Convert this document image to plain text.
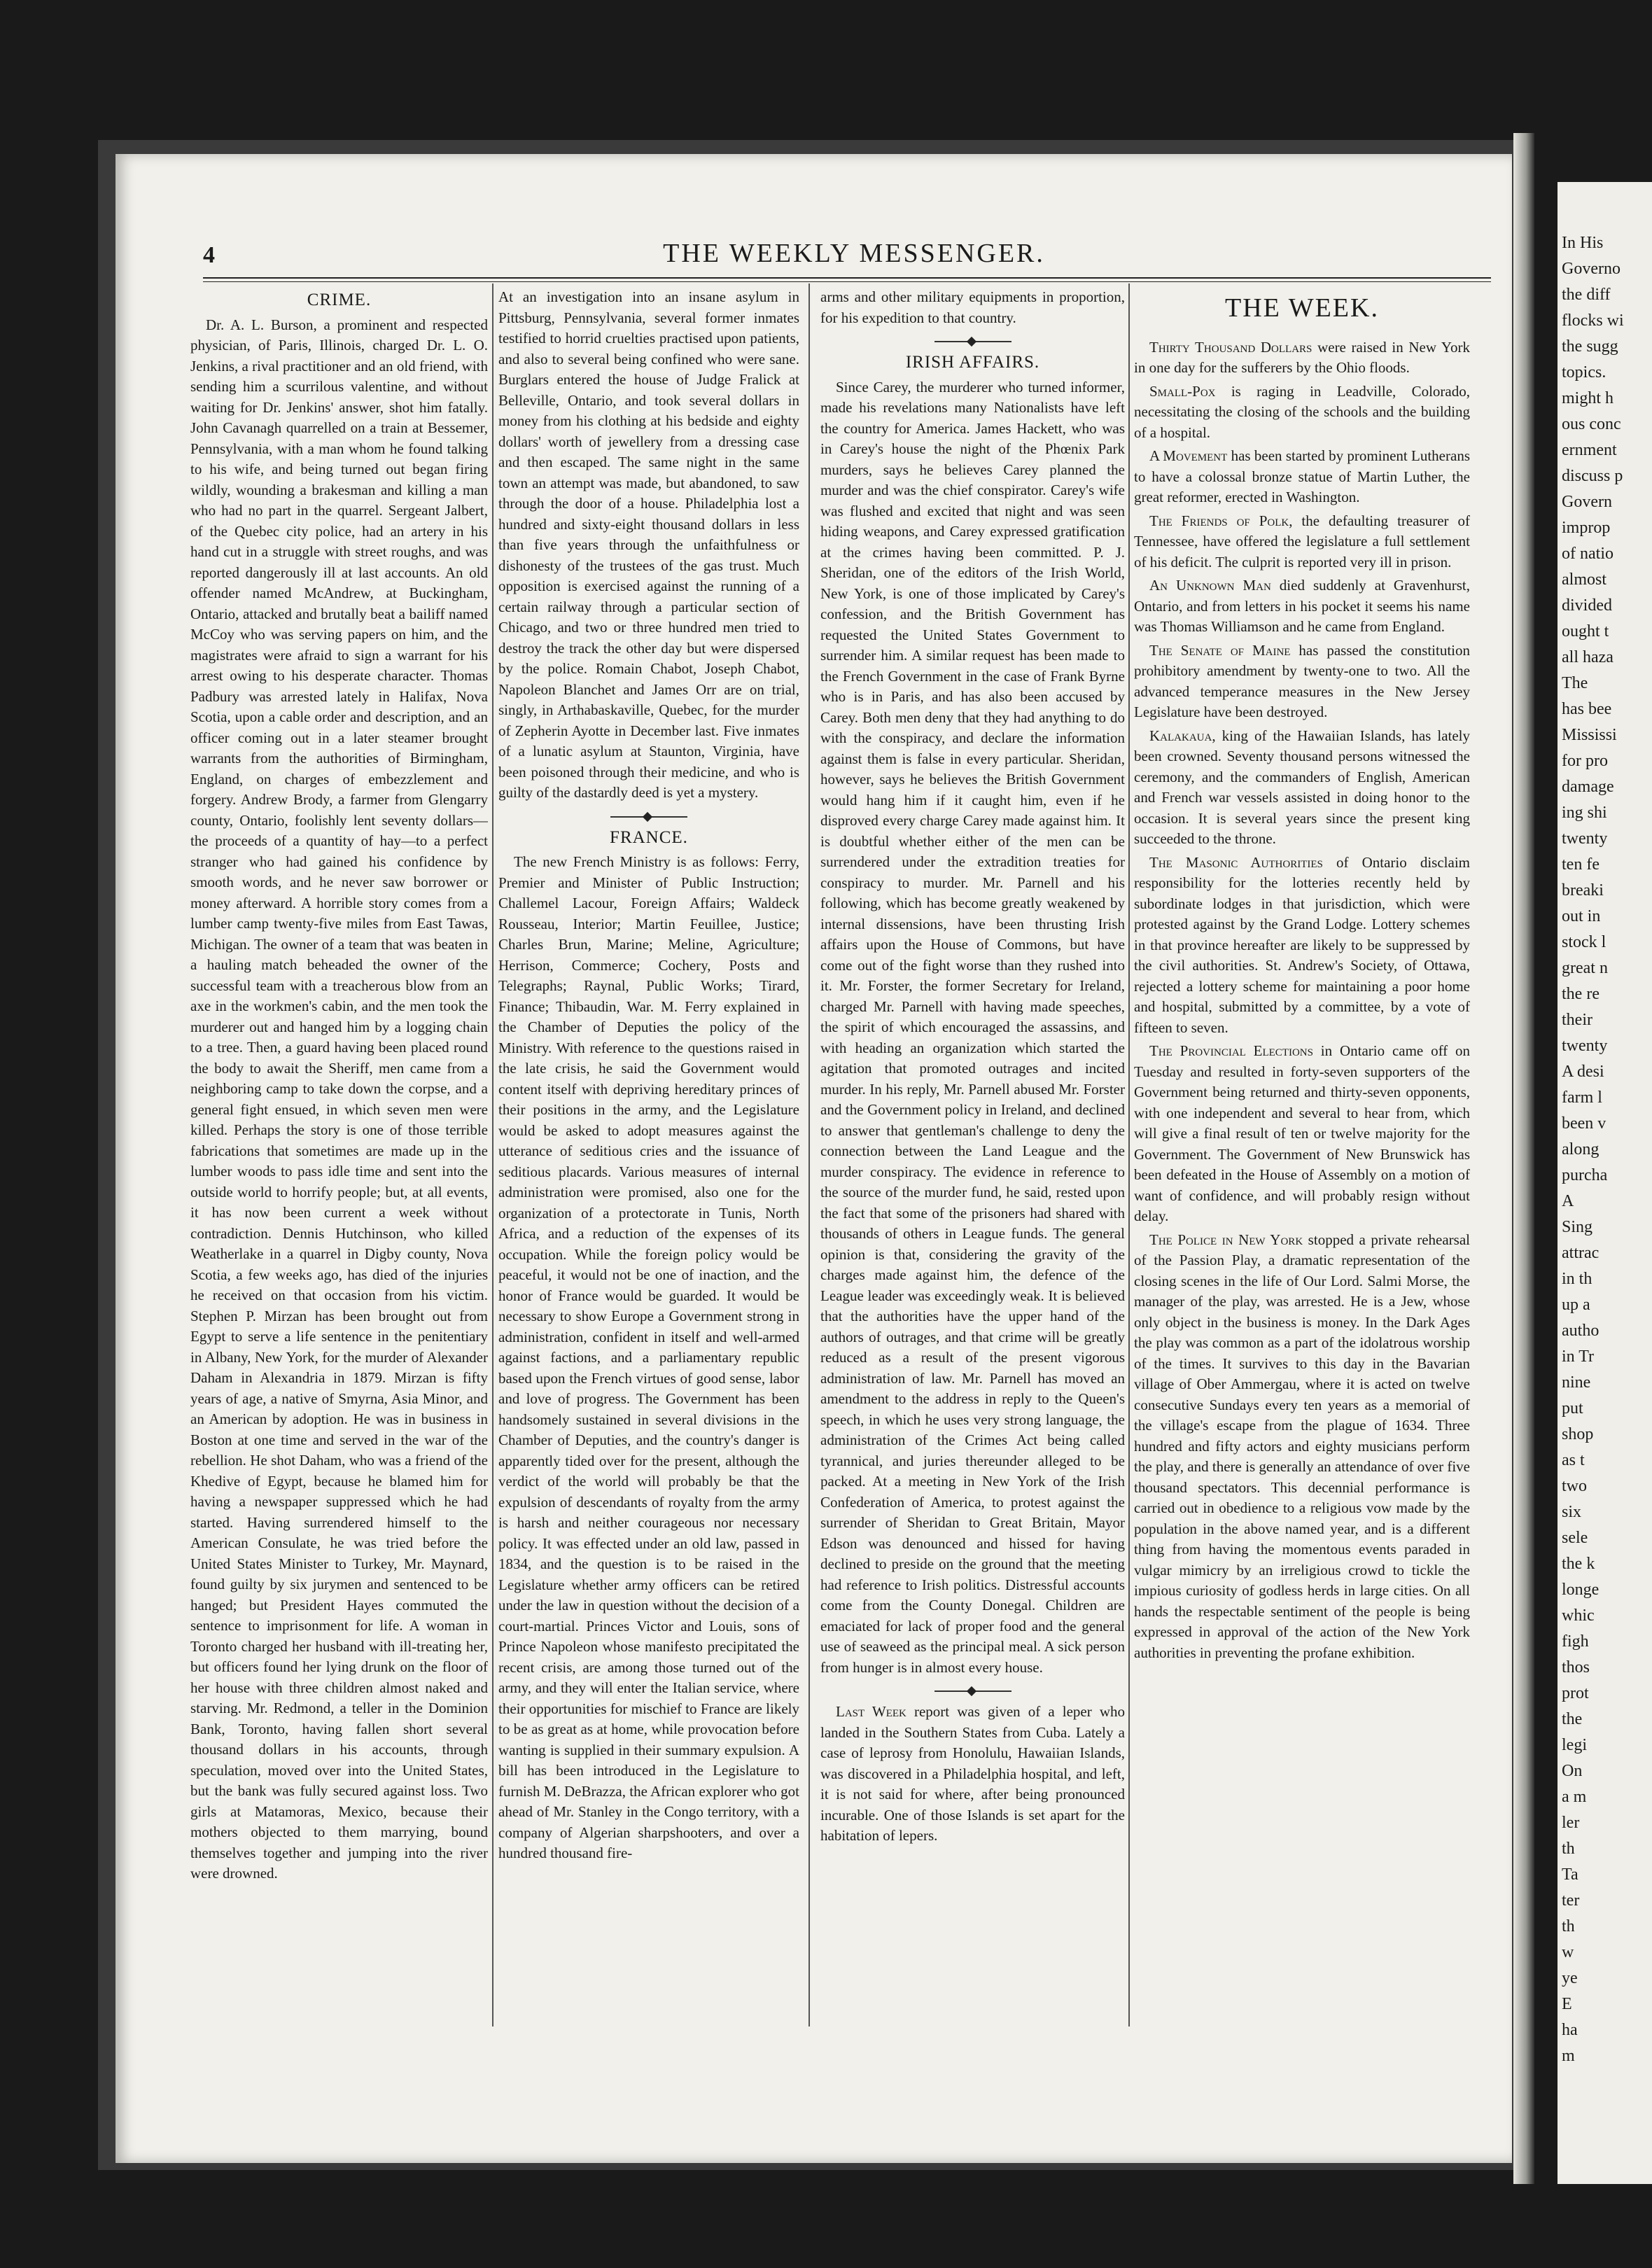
In His
Governo
the diff
flocks wi
the sugg
topics.
might h
ous conc
ernment
discuss p
Govern
improp
of natio
almost
divided
ought t
all haza
The
has bee
Mississi
for pro
damage
ing shi
twenty
ten fe
breaki
out in
stock l
great n
the re
their
twenty
A desi
farm l
been v
along
purcha
A
Sing
attrac
in th
up a
autho
in Tr
nine
put
shop
as t
two
six
sele
the k
longe
whic
figh
thos
prot
the
legi
On
a m
ler
th
Ta
ter
th
w
ye
E
ha
m
4	THE WEEKLY MESSENGER.
CRIME.

Dr. A. L. Burson, a prominent and respected physician, of Paris, Illinois, charged Dr. L. O. Jenkins, a rival practitioner and an old friend, with sending him a scurrilous valentine, and without waiting for Dr. Jenkins' answer, shot him fatally. John Cavanagh quarrelled on a train at Bessemer, Pennsylvania, with a man whom he found talking to his wife, and being turned out began firing wildly, wounding a brakesman and killing a man who had no part in the quarrel. Sergeant Jalbert, of the Quebec city police, had an artery in his hand cut in a struggle with street roughs, and was reported dangerously ill at last accounts. An old offender named McAndrew, at Buckingham, Ontario, attacked and brutally beat a bailiff named McCoy who was serving papers on him, and the magistrates were afraid to sign a warrant for his arrest owing to his desperate character. Thomas Padbury was arrested lately in Halifax, Nova Scotia, upon a cable order and description, and an officer coming out in a later steamer brought warrants from the authorities of Birmingham, England, on charges of embezzlement and forgery. Andrew Brody, a farmer from Glengarry county, Ontario, foolishly lent seventy dollars—the proceeds of a quantity of hay—to a perfect stranger who had gained his confidence by smooth words, and he never saw borrower or money afterward. A horrible story comes from a lumber camp twenty-five miles from East Tawas, Michigan. The owner of a team that was beaten in a hauling match beheaded the owner of the successful team with a treacherous blow from an axe in the workmen's cabin, and the men took the murderer out and hanged him by a logging chain to a tree. Then, a guard having been placed round the body to await the Sheriff, men came from a neighboring camp to take down the corpse, and a general fight ensued, in which seven men were killed. Perhaps the story is one of those terrible fabrications that sometimes are made up in the lumber woods to pass idle time and sent into the outside world to horrify people; but, at all events, it has now been current a week without contradiction. Dennis Hutchinson, who killed Weatherlake in a quarrel in Digby county, Nova Scotia, a few weeks ago, has died of the injuries he received on that occasion from his victim. Stephen P. Mirzan has been brought out from Egypt to serve a life sentence in the penitentiary in Albany, New York, for the murder of Alexander Daham in Alexandria in 1879. Mirzan is fifty years of age, a native of Smyrna, Asia Minor, and an American by adoption. He was in business in Boston at one time and served in the war of the rebellion. He shot Daham, who was a friend of the Khedive of Egypt, because he blamed him for having a newspaper suppressed which he had started. Having surrendered himself to the American Consulate, he was tried before the United States Minister to Turkey, Mr. Maynard, found guilty by six jurymen and sentenced to be hanged; but President Hayes commuted the sentence to imprisonment for life. A woman in Toronto charged her husband with ill-treating her, but officers found her lying drunk on the floor of her house with three children almost naked and starving. Mr. Redmond, a teller in the Dominion Bank, Toronto, having fallen short several thousand dollars in his accounts, through speculation, moved over into the United States, but the bank was fully secured against loss. Two girls at Matamoras, Mexico, because their mothers objected to them marrying, bound themselves together and jumping into the river were drowned.

At an investigation into an insane asylum in Pittsburg, Pennsylvania, several former inmates testified to horrid cruelties practised upon patients, and also to several being confined who were sane. Burglars entered the house of Judge Fralick at Belleville, Ontario, and took several dollars in money from his clothing at his bedside and eighty dollars' worth of jewellery from a dressing case and then escaped. The same night in the same town an attempt was made, but abandoned, to saw through the door of a house. Philadelphia lost a hundred and sixty-eight thousand dollars in less than five years through the unfaithfulness or dishonesty of the trustees of the gas trust. Much opposition is exercised against the running of a certain railway through a particular section of Chicago, and two or three hundred men tried to destroy the track the other day but were dispersed by the police. Romain Chabot, Joseph Chabot, Napoleon Blanchet and James Orr are on trial, singly, in Arthabaskaville, Quebec, for the murder of Zepherin Ayotte in December last. Five inmates of a lunatic asylum at Staunton, Virginia, have been poisoned through their medicine, and who is guilty of the dastardly deed is yet a mystery.

FRANCE.

The new French Ministry is as follows: Ferry, Premier and Minister of Public Instruction; Challemel Lacour, Foreign Affairs; Waldeck Rousseau, Interior; Martin Feuillee, Justice; Charles Brun, Marine; Meline, Agriculture; Herrison, Commerce; Cochery, Posts and Telegraphs; Raynal, Public Works; Tirard, Finance; Thibaudin, War. M. Ferry explained in the Chamber of Deputies the policy of the Ministry. With reference to the questions raised in the late crisis, he said the Government would content itself with depriving hereditary princes of their positions in the army, and the Legislature would be asked to adopt measures against the utterance of seditious cries and the issuance of seditious placards. Various measures of internal administration were promised, also one for the organization of a protectorate in Tunis, North Africa, and a reduction of the expenses of its occupation. While the foreign policy would be peaceful, it would not be one of inaction, and the honor of France would be guarded. It would be necessary to show Europe a Government strong in administration, confident in itself and well-armed against factions, and a parliamentary republic based upon the French virtues of good sense, labor and love of progress. The Government has been handsomely sustained in several divisions in the Chamber of Deputies, and the country's danger is apparently tided over for the present, although the verdict of the world will probably be that the expulsion of descendants of royalty from the army is harsh and neither courageous nor necessary policy. It was effected under an old law, passed in 1834, and the question is to be raised in the Legislature whether army officers can be retired under the law in question without the decision of a court-martial. Princes Victor and Louis, sons of Prince Napoleon whose manifesto precipitated the recent crisis, are among those turned out of the army, and they will enter the Italian service, where their opportunities for mischief to France are likely to be as great as at home, while provocation before wanting is supplied in their summary expulsion. A bill has been introduced in the Legislature to furnish M. DeBrazza, the African explorer who got ahead of Mr. Stanley in the Congo territory, with a company of Algerian sharpshooters, and over a hundred thousand fire-

arms and other military equipments in proportion, for his expedition to that country.

IRISH AFFAIRS.

Since Carey, the murderer who turned informer, made his revelations many Nationalists have left the country for America. James Hackett, who was in Carey's house the night of the Phœnix Park murders, says he believes Carey planned the murder and was the chief conspirator. Carey's wife was flushed and excited that night and was seen hiding weapons, and Carey expressed gratification at the crimes having been committed. P. J. Sheridan, one of the editors of the Irish World, New York, is one of those implicated by Carey's confession, and the British Government has requested the United States Government to surrender him. A similar request has been made to the French Government in the case of Frank Byrne who is in Paris, and has also been accused by Carey. Both men deny that they had anything to do with the conspiracy, and declare the information against them is false in every particular. Sheridan, however, says he believes the British Government would hang him if it caught him, even if he disproved every charge Carey made against him. It is doubtful whether either of the men can be surrendered under the extradition treaties for conspiracy to murder. Mr. Parnell and his following, which has become greatly weakened by internal dissensions, have been thrusting Irish affairs upon the House of Commons, but have come out of the fight worse than they rushed into it. Mr. Forster, the former Secretary for Ireland, charged Mr. Parnell with having made speeches, the spirit of which encouraged the assassins, and with heading an organization which started the agitation that promoted outrages and incited murder. In his reply, Mr. Parnell abused Mr. Forster and the Government policy in Ireland, and declined to answer that gentleman's challenge to deny the connection between the Land League and the murder conspiracy. The evidence in reference to the source of the murder fund, he said, rested upon the fact that some of the prisoners had shared with thousands of others in League funds. The general opinion is that, considering the gravity of the charges made against him, the defence of the League leader was exceedingly weak. It is believed that the authorities have the upper hand of the authors of outrages, and that crime will be greatly reduced as a result of the present vigorous administration of law. Mr. Parnell has moved an amendment to the address in reply to the Queen's speech, in which he uses very strong language, the administration of the Crimes Act being called tyrannical, and juries thereunder alleged to be packed. At a meeting in New York of the Irish Confederation of America, to protest against the surrender of Sheridan to Great Britain, Mayor Edson was denounced and hissed for having declined to preside on the ground that the meeting had reference to Irish politics. Distressful accounts come from the County Donegal. Children are emaciated for lack of proper food and the general use of seaweed as the principal meal. A sick person from hunger is in almost every house.

Last Week report was given of a leper who landed in the Southern States from Cuba. Lately a case of leprosy from Honolulu, Hawaiian Islands, was discovered in a Philadelphia hospital, and left, it is not said for where, after being pronounced incurable. One of those Islands is set apart for the habitation of lepers.

THE WEEK.

Thirty Thousand Dollars were raised in New York in one day for the sufferers by the Ohio floods.

Small-Pox is raging in Leadville, Colorado, necessitating the closing of the schools and the building of a hospital.

A Movement has been started by prominent Lutherans to have a colossal bronze statue of Martin Luther, the great reformer, erected in Washington.

The Friends of Polk, the defaulting treasurer of Tennessee, have offered the legislature a full settlement of his deficit. The culprit is reported very ill in prison.

An Unknown Man died suddenly at Gravenhurst, Ontario, and from letters in his pocket it seems his name was Thomas Williamson and he came from England.

The Senate of Maine has passed the constitution prohibitory amendment by twenty-one to two. All the advanced temperance measures in the New Jersey Legislature have been destroyed.

Kalakaua, king of the Hawaiian Islands, has lately been crowned. Seventy thousand persons witnessed the ceremony, and the commanders of English, American and French war vessels assisted in doing honor to the occasion. It is several years since the present king succeeded to the throne.

The Masonic Authorities of Ontario disclaim responsibility for the lotteries recently held by subordinate lodges in that jurisdiction, which were protested against by the Grand Lodge. Lottery schemes in that province hereafter are likely to be suppressed by the civil authorities. St. Andrew's Society, of Ottawa, rejected a lottery scheme for maintaining a poor home and hospital, submitted by a committee, by a vote of fifteen to seven.

The Provincial Elections in Ontario came off on Tuesday and resulted in forty-seven supporters of the Government being returned and thirty-seven opponents, with one independent and several to hear from, which will give a final result of ten or twelve majority for the Government. The Government of New Brunswick has been defeated in the House of Assembly on a motion of want of confidence, and will probably resign without delay.

The Police in New York stopped a private rehearsal of the Passion Play, a dramatic representation of the closing scenes in the life of Our Lord. Salmi Morse, the manager of the play, was arrested. He is a Jew, whose only object in the business is money. In the Dark Ages the play was common as a part of the idolatrous worship of the times. It survives to this day in the Bavarian village of Ober Ammergau, where it is acted on twelve consecutive Sundays every ten years as a memorial of the village's escape from the plague of 1634. Three hundred and fifty actors and eighty musicians perform the play, and there is generally an attendance of over five thousand spectators. This decennial performance is carried out in obedience to a religious vow made by the population in the above named year, and is a different thing from having the momentous events paraded in vulgar mimicry by an irreligious crowd to tickle the impious curiosity of godless herds in large cities. On all hands the respectable sentiment of the people is being expressed in approval of the action of the New York authorities in preventing the profane exhibition.
